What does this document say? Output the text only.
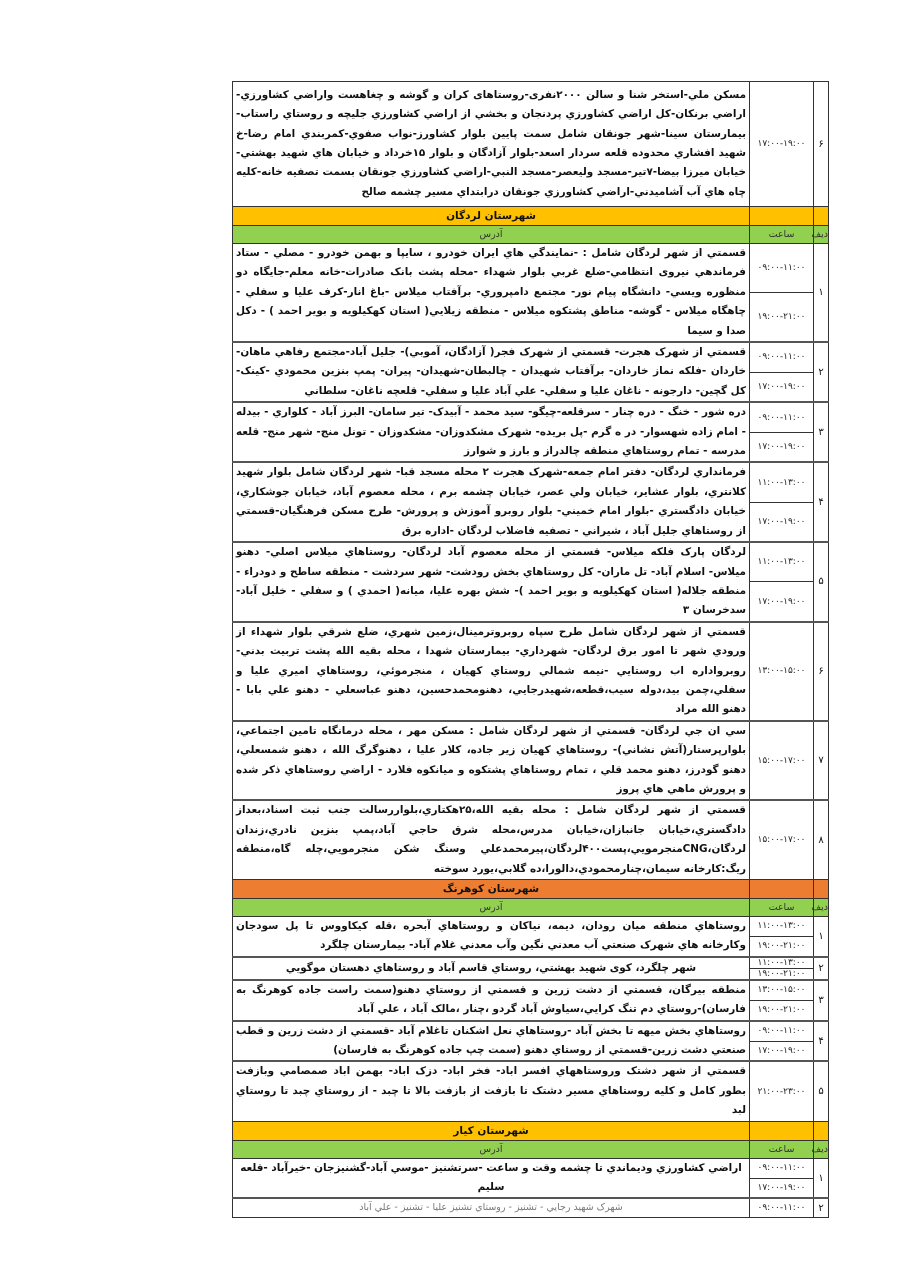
۶	۱۷:۰۰-۱۹:۰۰	مسکن ملي-استخر شنا و سالن ۲۰۰۰نفری-روستاهای کران و گوشه و چغاهست واراضي کشاورزي-اراضي برنکان-کل اراضي کشاورزي پردنجان و بخشي از اراضي کشاورزي جليچه و روستاي راستاب-بيمارستان سينا-شهر جونقان شامل سمت پايين بلوار کشاورز-نواب صفوي-کمربندي امام رضا-خ شهيد افشاري محدوده قلعه سردار اسعد-بلوار آزادگان و بلوار ۱۵خرداد و خيابان هاي شهيد بهشتي-خيابان ميرزا بيضا-۷تير-مسجد وليعصر-مسجد النبي-اراضي کشاورزي جونقان بسمت تصفيه خانه-کليه چاه هاي آب آشاميدني-اراضي کشاورزي جونقان درابتداي مسير چشمه صالح
		شهرستان لردگان
ديف	ساعت	آدرس
۱	۰۹:۰۰-۱۱:۰۰
۱۹:۰۰-۲۱:۰۰	قسمتي از شهر لردگان شامل : -نمايندگي هاي ايران خودرو ، سايپا و بهمن خودرو - مصلي - ستاد فرماندهي نيروی انتظامي-ضلع غربي بلوار شهداء -محله پشت بانک صادرات-خانه معلم-جايگاه دو منظوره ويسي- دانشگاه پيام نور- مجتمع دامپروري- برآفتاب ميلاس -باغ انار-کرف عليا و سفلي - چاهگاه ميلاس - گوشه- مناطق پشتکوه ميلاس - منطقه زيلايي( استان کهکيلويه و بوير احمد ) - دکل صدا و سيما
۲	۰۹:۰۰-۱۱:۰۰
۱۷:۰۰-۱۹:۰۰	قسمتي از شهرک هجرت- قسمتي از شهرک فجر( آزادگان، آموبي)- جليل آباد-مجتمع رفاهي ماهان- خاردان -فلکه نماز خاردان- برآفتاب شهيدان - چالبطان-شهيدان- پيران- پمپ بنزين محمودي -کينک- کل گچين- دارجونه - ناغان عليا و سفلي- علي آباد عليا و سفلي- قلعچه ناغان- سلطاني
۳	۰۹:۰۰-۱۱:۰۰
۱۷:۰۰-۱۹:۰۰	دره شور - خنگ - دره چنار - سرقلعه-چيگو- سيد محمد - آبيدک- تير سامان- البرز آباد - کلواري - بيدله - امام زاده شهسوار- در ه گرم -پل بريده- شهرک مشکدوزان- مشکدوزان - تونل منج- شهر منج- قلعه مدرسه - تمام روستاهاي منطقه چالدراز و بارز و شوارز
۴	۱۱:۰۰-۱۳:۰۰
۱۷:۰۰-۱۹:۰۰	فرمانداري لردگان- دفتر امام جمعه-شهرک هجرت ۲ محله مسجد قبا- شهر لردگان شامل بلوار شهيد کلانتري، بلوار عشاير، خيابان ولي عصر، خيابان چشمه برم ، محله معصوم آباد، خيابان جوشکاري، خيابان دادگستري -بلوار امام خميني- بلوار روبرو آموزش و پرورش- طرح مسکن فرهنگيان-قسمتي از روستاهاي جليل آباد ، شيراني - تصفيه فاضلاب لردگان -اداره برق
۵	۱۱:۰۰-۱۳:۰۰
۱۷:۰۰-۱۹:۰۰	لردگان پارک فلکه ميلاس- قسمتي از محله معصوم آباد لردگان- روستاهاي ميلاس اصلي- دهنو ميلاس- اسلام آباد- تل ماران- کل روستاهاي بخش رودشت- شهر سردشت - منطقه ساطح و دودراء - منطقه جلاله( استان کهکيلويه و بوير احمد )- شش بهره عليا، ميانه( احمدي ) و سفلي - خليل آباد- سدخرسان ۳
۶	۱۳:۰۰-۱۵:۰۰	قسمتي از شهر لردگان شامل طرح سپاه روبروترمينال،زمين شهري، ضلع شرقي بلوار شهداء از ورودي شهر تا امور برق لردگان- شهرداري- بيمارستان شهدا ، محله بقيه الله پشت تربيت بدني-روبرواداره اب روستايي -نيمه شمالي روستاي کهيان ، منجرموئي، روستاهاي اميري عليا و سفلي،چمن بيد،دوله سيب،قطعه،شهيدرجايي، دهنومحمدحسين، دهنو عباسعلي - دهنو علي بابا - دهنو الله مراد
۷	۱۵:۰۰-۱۷:۰۰	سي ان جي لردگان- قسمتي از شهر لردگان شامل : مسکن مهر ، محله درمانگاه تامين اجتماعي، بلوارپرستار(آتش نشاني)- روستاهاي کهيان زير جاده، کلار عليا ، دهنوگرگ الله ، دهنو شمسعلي، دهنو گودرز، دهنو محمد قلي ، تمام روستاهاي پشتکوه و ميانکوه فلارد - اراضي روستاهاي ذکر شده و پرورش ماهي هاي پروز
۸	۱۵:۰۰-۱۷:۰۰	قسمتي از شهر لردگان شامل : محله بقيه الله،۲۵هکتاري،بلواررسالت جنب ثبت اسناد،بعداز دادگستري،خيابان جانبازان،خيابان مدرس،محله شرق حاجي آباد،پمپ بنزين نادري،زندان لردگان،CNGمنجرمويي،پست۴۰۰لردگان،پيرمحمدعلي وسنگ شکن منجرمويي،چله گاه،منطقه ريگ:کارخانه سيمان،چنارمحمودي،دالورا،ده گلابي،يورد سوخته
		شهرستان کوهرنگ
ديف	ساعت	آدرس
۱	۱۱:۰۰-۱۳:۰۰
۱۹:۰۰-۲۱:۰۰	روستاهاي منطقه ميان رودان، ديمه، نياکان و روستاهاي آبحره ،قله کيکاووس تا پل سودجان وکارخانه هاي شهرک صنعتي آب معدني نگين وآب معدني غلام آباد- بيمارستان چلگرد
۲	۱۱:۰۰-۱۳:۰۰
۱۹:۰۰-۲۱:۰۰	شهر چلگرد، کوی شهيد بهشتي، روستاي قاسم آباد و روستاهاي دهستان موگويي
۳	۱۳:۰۰-۱۵:۰۰
۱۹:۰۰-۲۱:۰۰	منطقه بيرگان، قسمتي از دشت زرين و قسمتي از روستاي دهنو(سمت راست جاده کوهرنگ به فارسان)-روستاي دم تنگ کرايي،سياوش آباد گردو ،چنار ،مالک آباد ، علي آباد
۴	۰۹:۰۰-۱۱:۰۰
۱۷:۰۰-۱۹:۰۰	روستاهاي بخش ميهه تا بخش آباد -روستاهاي نعل اشکنان تاغلام آباد -قسمتي از دشت زرين و قطب صنعتي دشت زرين-قسمتي از روستاي دهنو (سمت چپ جاده کوهرنگ به فارسان)
۵	۲۱:۰۰-۲۳:۰۰	قسمتي از شهر دشتک وروستاههاي افسر اباد- فخر اباد- دزک اباد- بهمن اباد صمصامي وبازفت بطور کامل و کليه روستاهاي مسير دشتک تا بازفت از بازفت بالا تا چبد - از روستاي چبد تا روستاي لبد
		شهرستان کيار
ديف	ساعت	آدرس
۱	۰۹:۰۰-۱۱:۰۰
۱۷:۰۰-۱۹:۰۰	اراضي کشاورزي وديماندي تا چشمه وقت و ساعت -سرتشنيز -موسي آباد-گشنيزجان -خيرآباد -قلعه سليم
۲	۰۹:۰۰-۱۱:۰۰	شهرک شهيد رجايي - تشنيز - روستاي تشنيز عليا - تشنيز - علي آباد
